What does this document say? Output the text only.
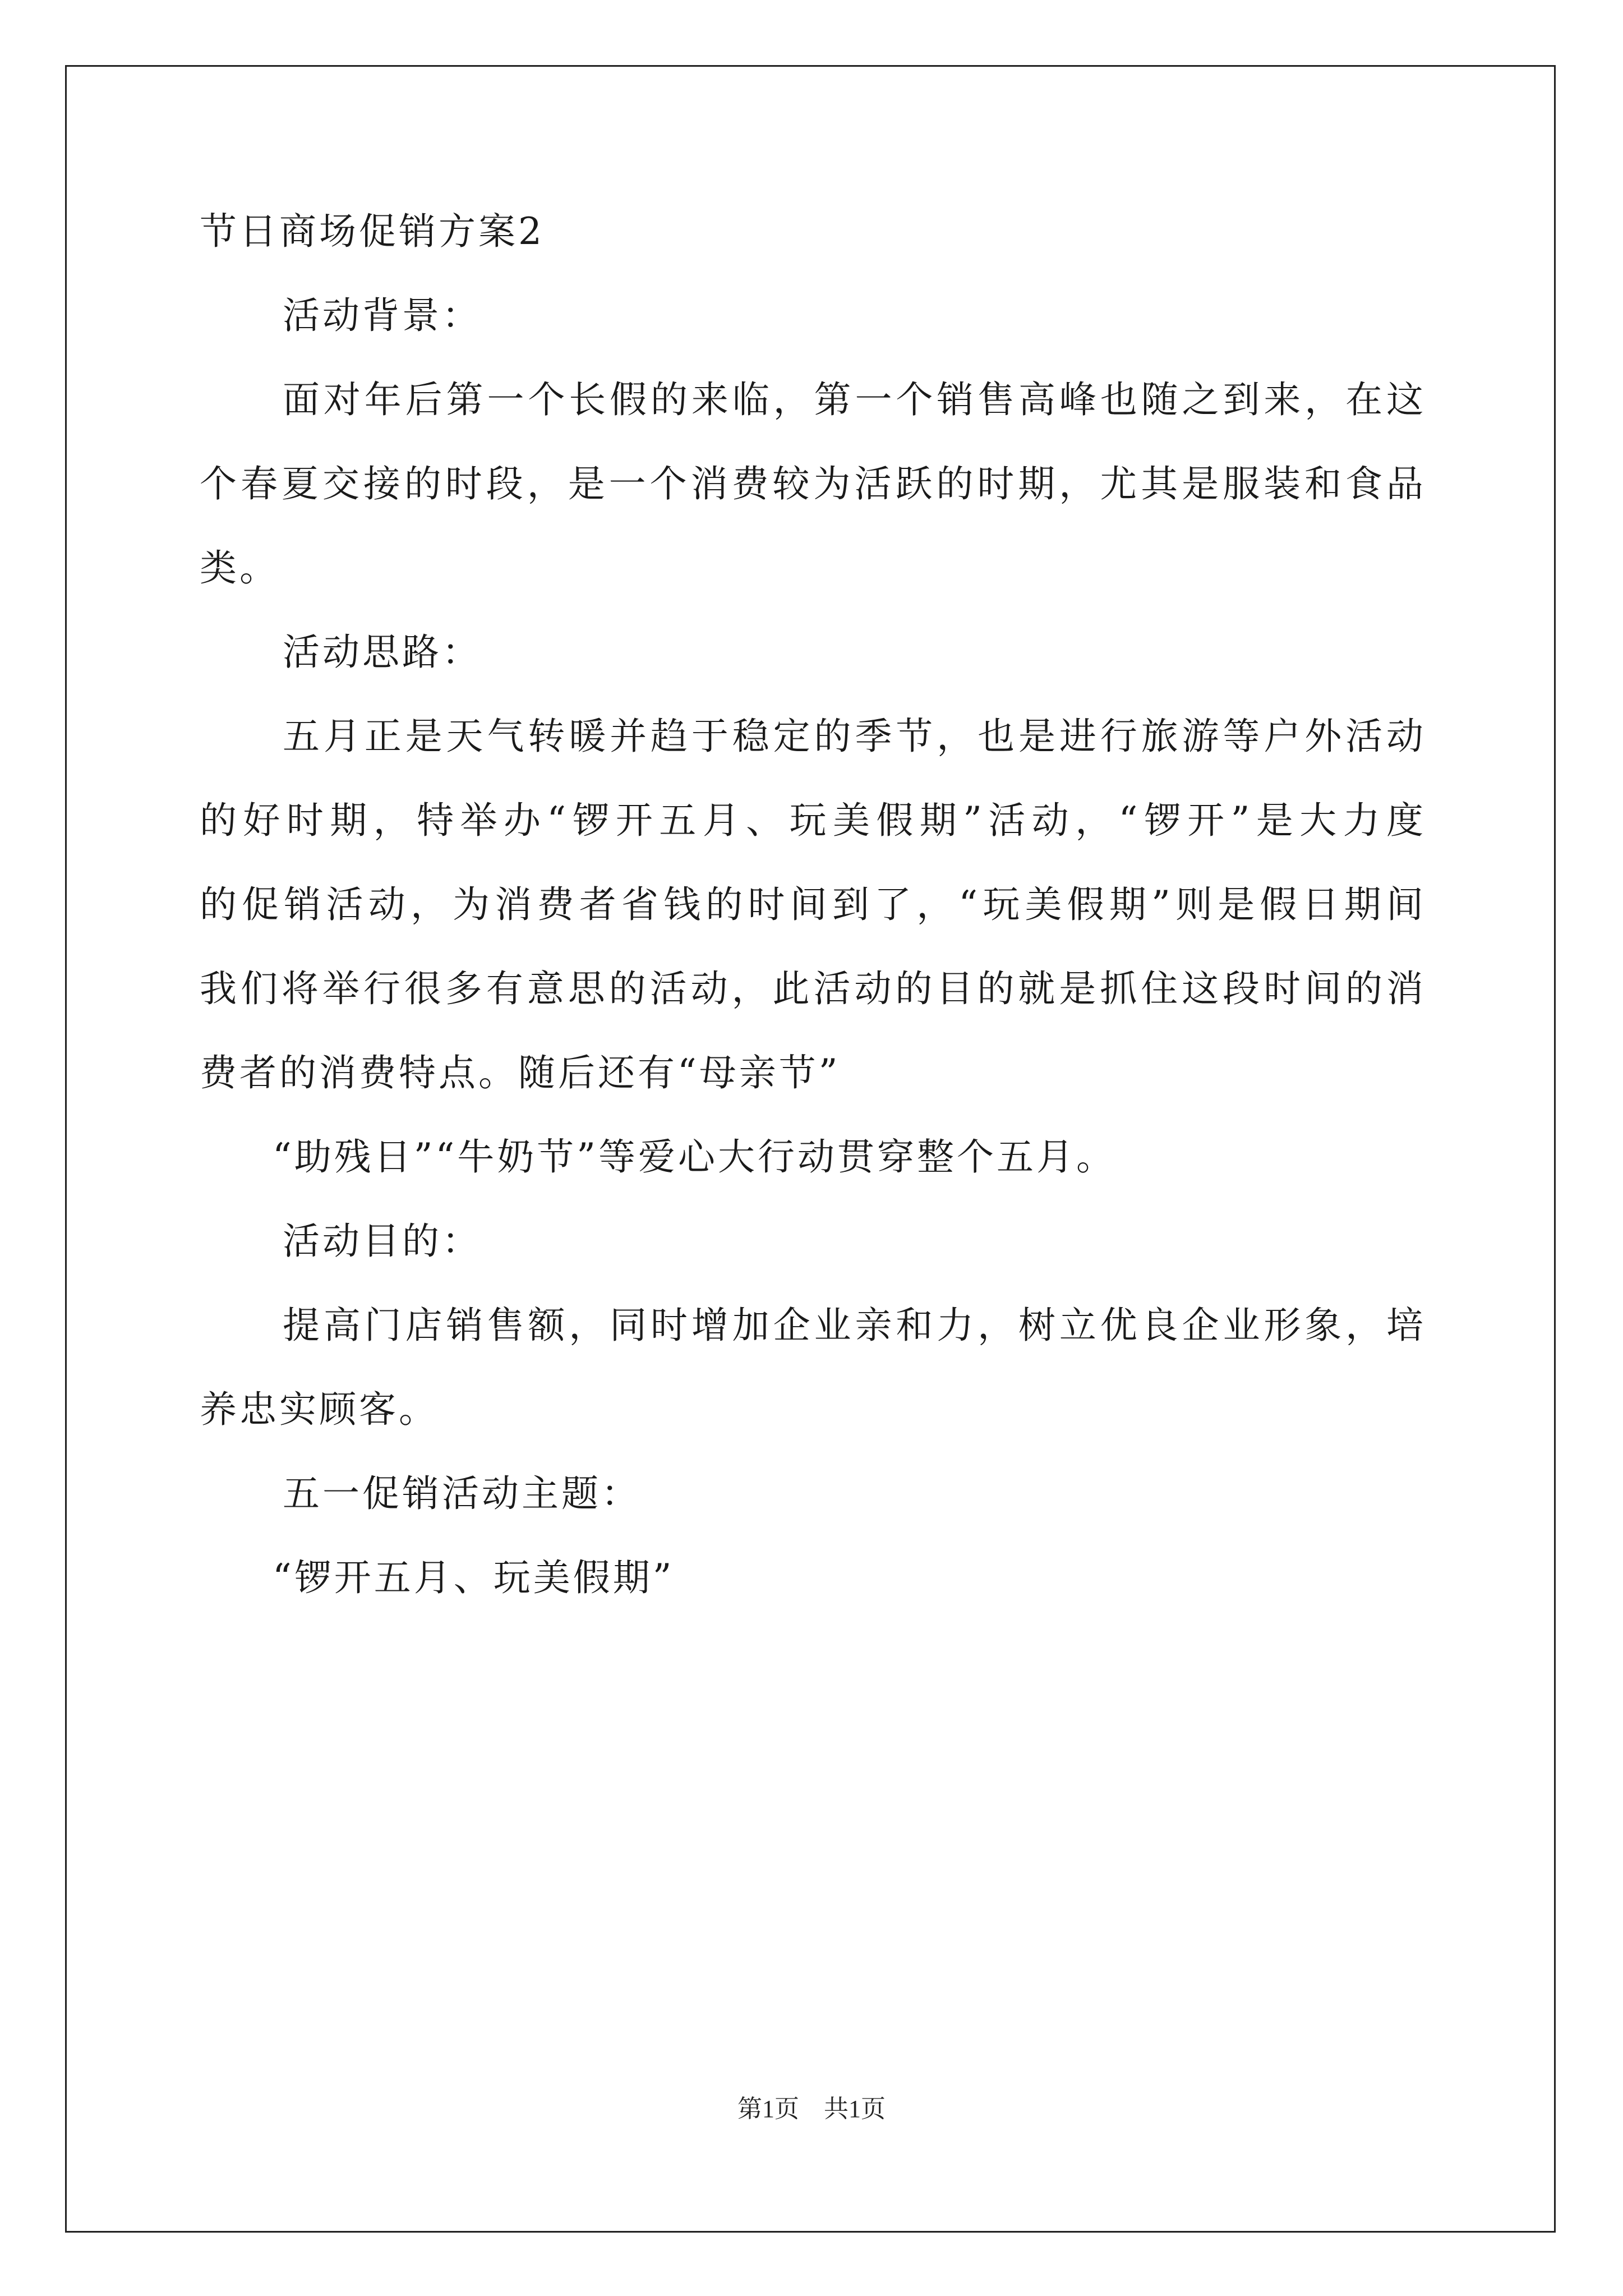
节日商场促销方案2
活动背景：
面对年后第一个长假的来临，第一个销售高峰也随之到来，在这
个春夏交接的时段，是一个消费较为活跃的时期，尤其是服装和食品
类。
活动思路：
五月正是天气转暖并趋于稳定的季节，也是进行旅游等户外活动
的好时期，特举办“锣开五月、玩美假期”活动，“锣开”是大力度
的促销活动，为消费者省钱的时间到了，“玩美假期”则是假日期间
我们将举行很多有意思的活动，此活动的目的就是抓住这段时间的消
费者的消费特点。随后还有“母亲节”
“助残日”“牛奶节”等爱心大行动贯穿整个五月。
活动目的：
提高门店销售额，同时增加企业亲和力，树立优良企业形象，培
养忠实顾客。
五一促销活动主题：
“锣开五月、玩美假期”
第1页 共1页
